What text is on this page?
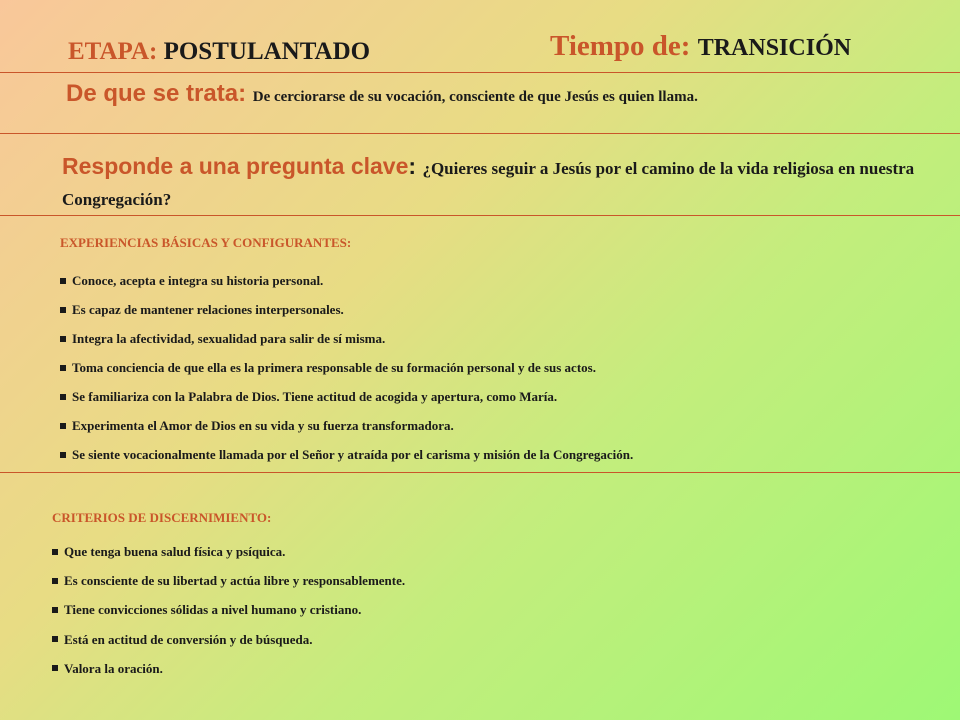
ETAPA: POSTULANTADO	Tiempo de: TRANSICIÓN
De que se trata: De cerciorarse de su vocación, consciente de que Jesús es quien llama.
Responde a una pregunta clave: ¿Quieres seguir a Jesús por el camino de la vida religiosa en nuestra Congregación?
EXPERIENCIAS BÁSICAS Y CONFIGURANTES:
Conoce, acepta e integra su historia personal.
Es capaz de mantener relaciones interpersonales.
Integra la afectividad, sexualidad para salir de sí misma.
Toma conciencia de que ella es la primera responsable de su formación personal y de sus actos.
Se familiariza con la Palabra de Dios. Tiene actitud de acogida y apertura, como María.
Experimenta el Amor de Dios en su vida y su fuerza transformadora.
Se siente vocacionalmente llamada por el Señor y atraída por el carisma y misión de la Congregación.
CRITERIOS DE DISCERNIMIENTO:
Que tenga buena salud física y psíquica.
Es consciente de su libertad y actúa libre y responsablemente.
Tiene convicciones sólidas a nivel humano y cristiano.
Está en actitud de conversión y de búsqueda.
Valora la oración.
